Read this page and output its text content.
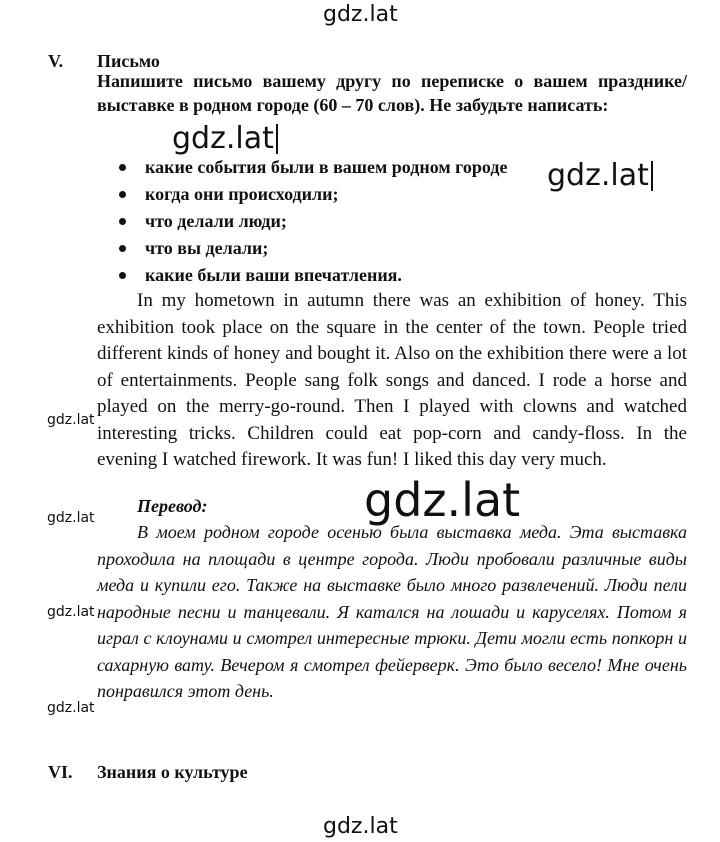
gdz.lat
V. Письмо

Напишите письмо вашему другу по переписке о вашем празднике/выставке в родном городе (60 – 70 слов). Не забудьте написать:

какие события были в вашем родном городе
когда они происходили;
что делали люди;
что вы делали;
какие были ваши впечатления.

In my hometown in autumn there was an exhibition of honey. This exhibition took place on the square in the center of the town. People tried different kinds of honey and bought it. Also on the exhibition there were a lot of entertainments. People sang folk songs and danced. I rode a horse and played on the merry-go-round. Then I played with clowns and watched interesting tricks. Children could eat pop-corn and candy-floss. In the evening I watched firework. It was fun! I liked this day very much.

Перевод:

В моем родном городе осенью была выставка меда. Эта выставка проходила на площади в центре города. Люди пробовали различные виды меда и купили его. Также на выставке было много развлечений. Люди пели народные песни и танцевали. Я катался на лошади и каруселях. Потом я играл с клоунами и смотрел интересные трюки. Дети могли есть попкорн и сахарную вату. Вечером я смотрел фейерверк. Это было весело! Мне очень понравился этот день.

VI. Знания о культуре
gdz.lat
gdz.lat
gdz.lat
gdz.lat
gdz.lat
gdz.lat
gdz.lat
gdz.lat
